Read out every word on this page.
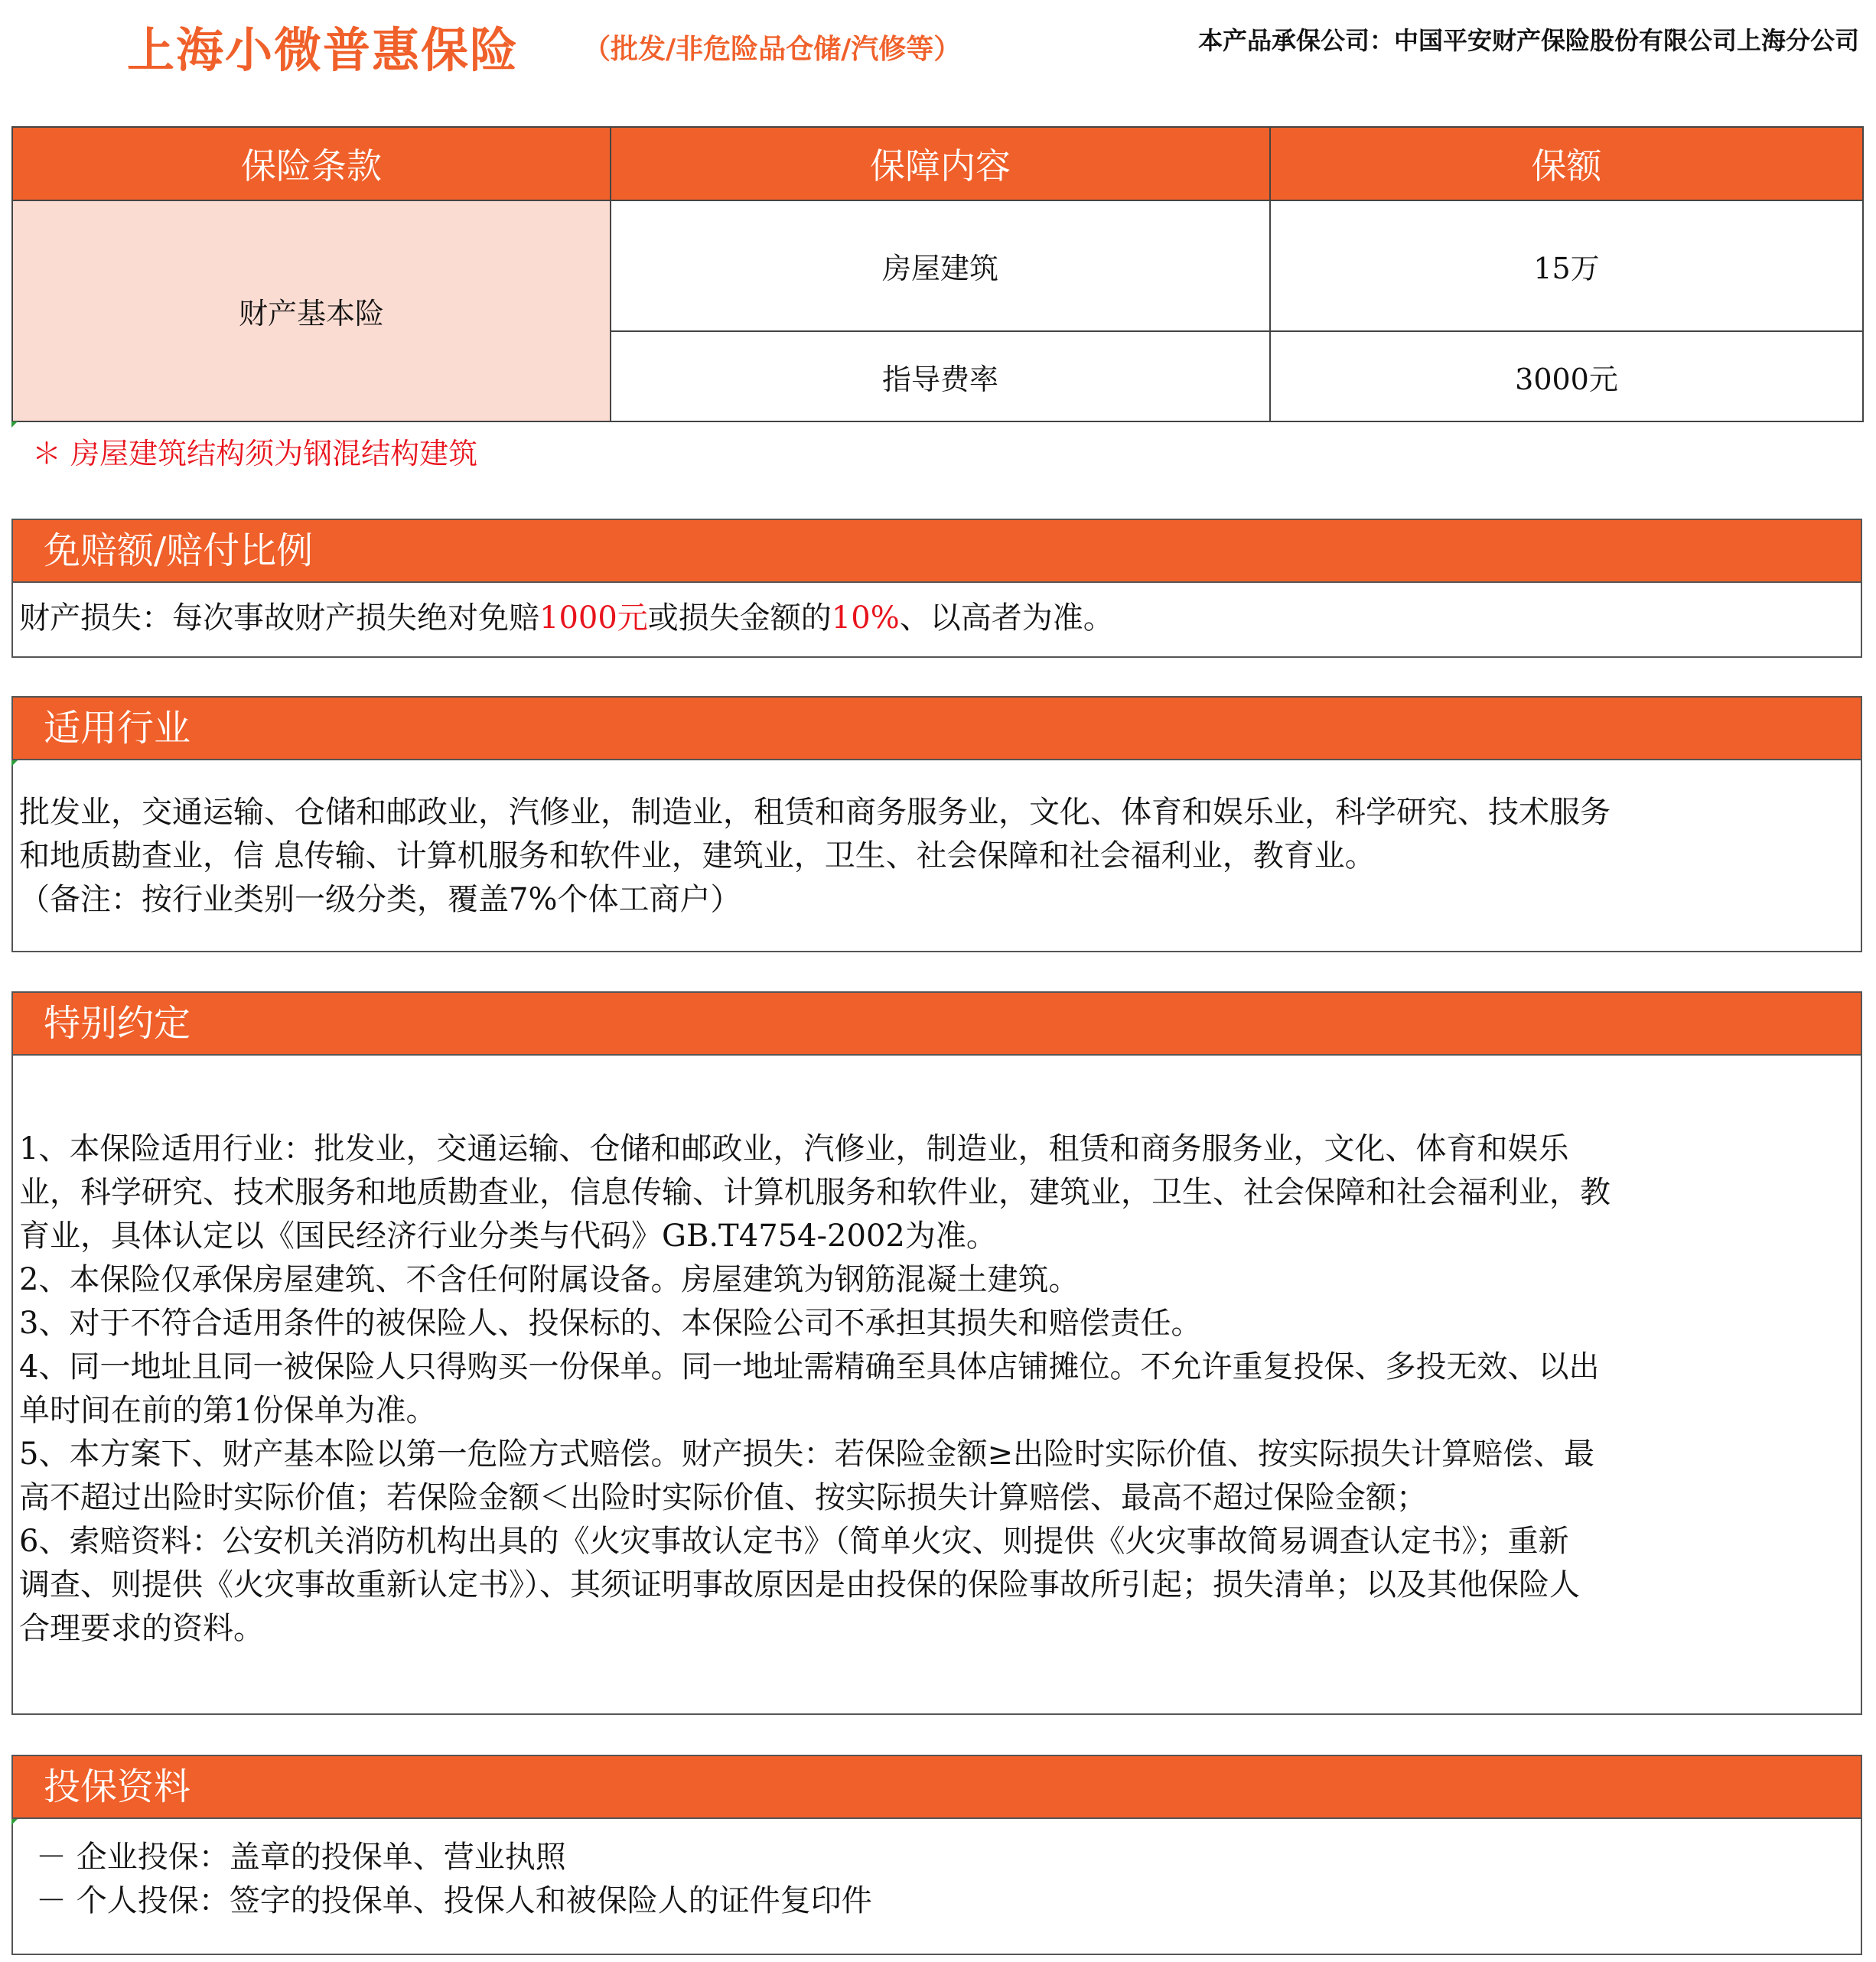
上海小微普惠保险 （批发/非危险品仓储/汽修等）	本产品承保公司：中国平安财产保险股份有限公司上海分公司
保险条款	保障内容	保额
财产基本险	房屋建筑	15万
	指导费率	3000元
＊ 房屋建筑结构须为钢混结构建筑
免赔额/赔付比例
财产损失：每次事故财产损失绝对免赔1000元或损失金额的10%、以高者为准。
适用行业
批发业，交通运输、仓储和邮政业，汽修业，制造业，租赁和商务服务业，文化、体育和娱乐业，科学研究、技术服务
和地质勘查业，信 息传输、计算机服务和软件业，建筑业，卫生、社会保障和社会福利业，教育业。
（备注：按行业类别一级分类，覆盖7%个体工商户）
特别约定
1、本保险适用行业：批发业，交通运输、仓储和邮政业，汽修业，制造业，租赁和商务服务业，文化、体育和娱乐
业，科学研究、技术服务和地质勘查业，信息传输、计算机服务和软件业，建筑业，卫生、社会保障和社会福利业，教
育业，具体认定以《国民经济行业分类与代码》GB.T4754-2002为准。
2、本保险仅承保房屋建筑、不含任何附属设备。房屋建筑为钢筋混凝土建筑。
3、对于不符合适用条件的被保险人、投保标的、本保险公司不承担其损失和赔偿责任。
4、同一地址且同一被保险人只得购买一份保单。同一地址需精确至具体店铺摊位。不允许重复投保、多投无效、以出
单时间在前的第1份保单为准。
5、本方案下、财产基本险以第一危险方式赔偿。财产损失：若保险金额≥出险时实际价值、按实际损失计算赔偿、最
高不超过出险时实际价值；若保险金额＜出险时实际价值、按实际损失计算赔偿、最高不超过保险金额；
6、索赔资料：公安机关消防机构出具的《火灾事故认定书》（简单火灾、则提供《火灾事故简易调查认定书》；重新
调查、则提供《火灾事故重新认定书》）、其须证明事故原因是由投保的保险事故所引起；损失清单；以及其他保险人
合理要求的资料。
投保资料
－ 企业投保：盖章的投保单、营业执照
－ 个人投保：签字的投保单、投保人和被保险人的证件复印件
